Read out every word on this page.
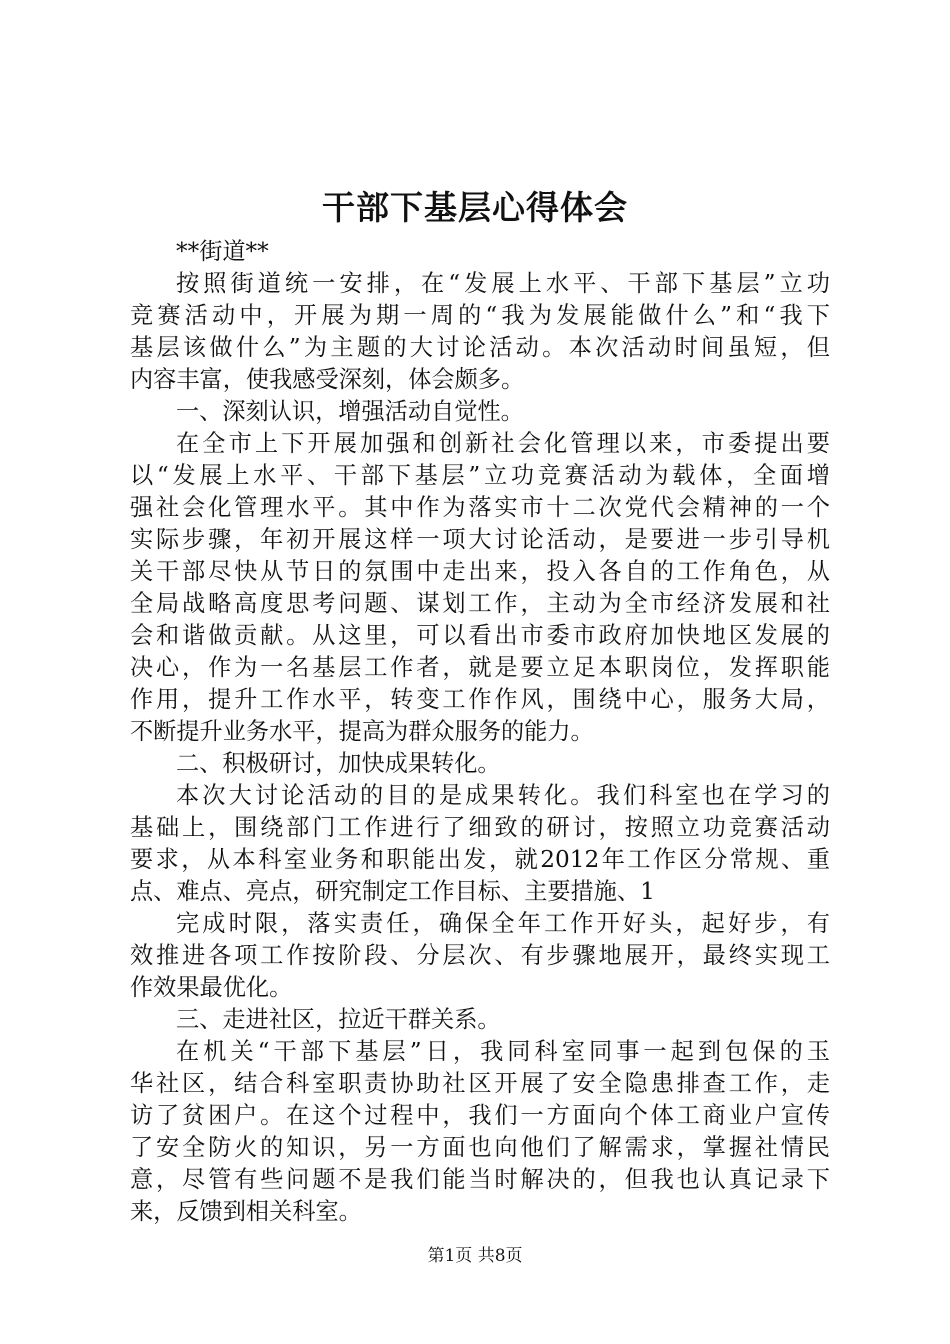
干部下基层心得体会
**街道**
按照街道统一安排，在“发展上水平、干部下基层”立功
竞赛活动中，开展为期一周的“我为发展能做什么”和“我下
基层该做什么”为主题的大讨论活动。本次活动时间虽短，但
内容丰富，使我感受深刻，体会颇多。
一、深刻认识，增强活动自觉性。
在全市上下开展加强和创新社会化管理以来，市委提出要
以“发展上水平、干部下基层”立功竞赛活动为载体，全面增
强社会化管理水平。其中作为落实市十二次党代会精神的一个
实际步骤，年初开展这样一项大讨论活动，是要进一步引导机
关干部尽快从节日的氛围中走出来，投入各自的工作角色，从
全局战略高度思考问题、谋划工作，主动为全市经济发展和社
会和谐做贡献。从这里，可以看出市委市政府加快地区发展的
决心，作为一名基层工作者，就是要立足本职岗位，发挥职能
作用，提升工作水平，转变工作作风，围绕中心，服务大局，
不断提升业务水平，提高为群众服务的能力。
二、积极研讨，加快成果转化。
本次大讨论活动的目的是成果转化。我们科室也在学习的
基础上，围绕部门工作进行了细致的研讨，按照立功竞赛活动
要求，从本科室业务和职能出发，就2012年工作区分常规、重
点、难点、亮点，研究制定工作目标、主要措施、1
完成时限，落实责任，确保全年工作开好头，起好步，有
效推进各项工作按阶段、分层次、有步骤地展开，最终实现工
作效果最优化。
三、走进社区，拉近干群关系。
在机关“干部下基层”日，我同科室同事一起到包保的玉
华社区，结合科室职责协助社区开展了安全隐患排查工作，走
访了贫困户。在这个过程中，我们一方面向个体工商业户宣传
了安全防火的知识，另一方面也向他们了解需求，掌握社情民
意，尽管有些问题不是我们能当时解决的，但我也认真记录下
来，反馈到相关科室。
第1页 共8页
